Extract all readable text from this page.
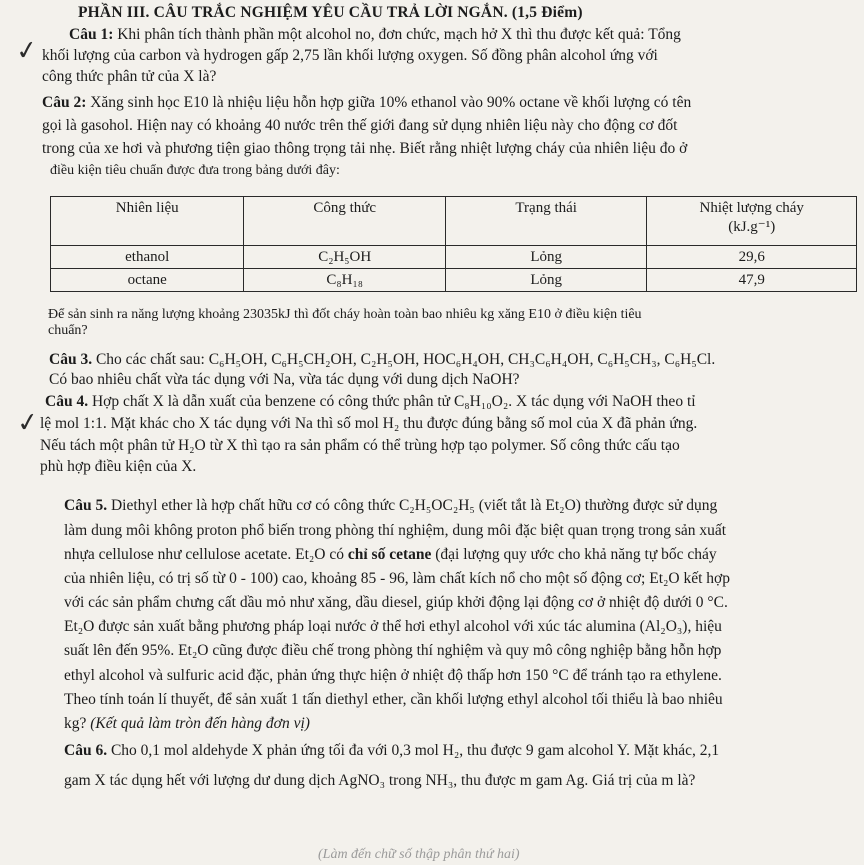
PHẦN III. CÂU TRẮC NGHIỆM YÊU CẦU TRẢ LỜI NGẮN. (1,5 Điểm)
✓
Câu 1: Khi phân tích thành phần một alcohol no, đơn chức, mạch hở X thì thu được kết quả: Tổng
khối lượng của carbon và hydrogen gấp 2,75 lần khối lượng oxygen. Số đồng phân alcohol ứng với
công thức phân tử của X là?
Câu 2: Xăng sinh học E10 là nhiệu liệu hỗn hợp giữa 10% ethanol vào 90% octane về khối lượng có tên
gọi là gasohol. Hiện nay có khoảng 40 nước trên thế giới đang sử dụng nhiên liệu này cho động cơ đốt
trong của xe hơi và phương tiện giao thông trọng tải nhẹ. Biết rằng nhiệt lượng cháy của nhiên liệu đo ở
điều kiện tiêu chuẩn được đưa trong bảng dưới đây:
Nhiên liệu	Công thức	Trạng thái	Nhiệt lượng cháy
(kJ.g⁻¹)
ethanol	C₂H₅OH	Lỏng	29,6
octane	C₈H₁₈	Lỏng	47,9
Để sản sinh ra năng lượng khoảng 23035kJ thì đốt cháy hoàn toàn bao nhiêu kg xăng E10 ở điều kiện tiêu
chuẩn?
Câu 3. Cho các chất sau: C₆H₅OH, C₆H₅CH₂OH, C₂H₅OH, HOC₆H₄OH, CH₃C₆H₄OH, C₆H₅CH₃, C₆H₅Cl.
Có bao nhiêu chất vừa tác dụng với Na, vừa tác dụng với dung dịch NaOH?
✓
Câu 4. Hợp chất X là dẫn xuất của benzene có công thức phân tử C₈H₁₀O₂. X tác dụng với NaOH theo tỉ
lệ mol 1:1. Mặt khác cho X tác dụng với Na thì số mol H₂ thu được đúng bằng số mol của X đã phản ứng.
Nếu tách một phân tử H₂O từ X thì tạo ra sản phẩm có thể trùng hợp tạo polymer. Số công thức cấu tạo
phù hợp điều kiện của X.
Câu 5. Diethyl ether là hợp chất hữu cơ có công thức C₂H₅OC₂H₅ (viết tắt là Et₂O) thường được sử dụng
làm dung môi không proton phổ biến trong phòng thí nghiệm, dung môi đặc biệt quan trọng trong sản xuất
nhựa cellulose như cellulose acetate. Et₂O có chỉ số cetane (đại lượng quy ước cho khả năng tự bốc cháy
của nhiên liệu, có trị số từ 0 - 100) cao, khoảng 85 - 96, làm chất kích nổ cho một số động cơ; Et₂O kết hợp
với các sản phẩm chưng cất dầu mỏ như xăng, dầu diesel, giúp khởi động lại động cơ ở nhiệt độ dưới 0 °C.
Et₂O được sản xuất bằng phương pháp loại nước ở thể hơi ethyl alcohol với xúc tác alumina (Al₂O₃), hiệu
suất lên đến 95%. Et₂O cũng được điều chế trong phòng thí nghiệm và quy mô công nghiệp bằng hỗn hợp
ethyl alcohol và sulfuric acid đặc, phản ứng thực hiện ở nhiệt độ thấp hơn 150 °C để tránh tạo ra ethylene.
Theo tính toán lí thuyết, để sản xuất 1 tấn diethyl ether, cần khối lượng ethyl alcohol tối thiểu là bao nhiêu
kg? (Kết quả làm tròn đến hàng đơn vị)
Câu 6. Cho 0,1 mol aldehyde X phản ứng tối đa với 0,3 mol H₂, thu được 9 gam alcohol Y. Mặt khác, 2,1
gam X tác dụng hết với lượng dư dung dịch AgNO₃ trong NH₃, thu được m gam Ag. Giá trị của m là?
(Làm đến chữ số thập phân thứ hai)
